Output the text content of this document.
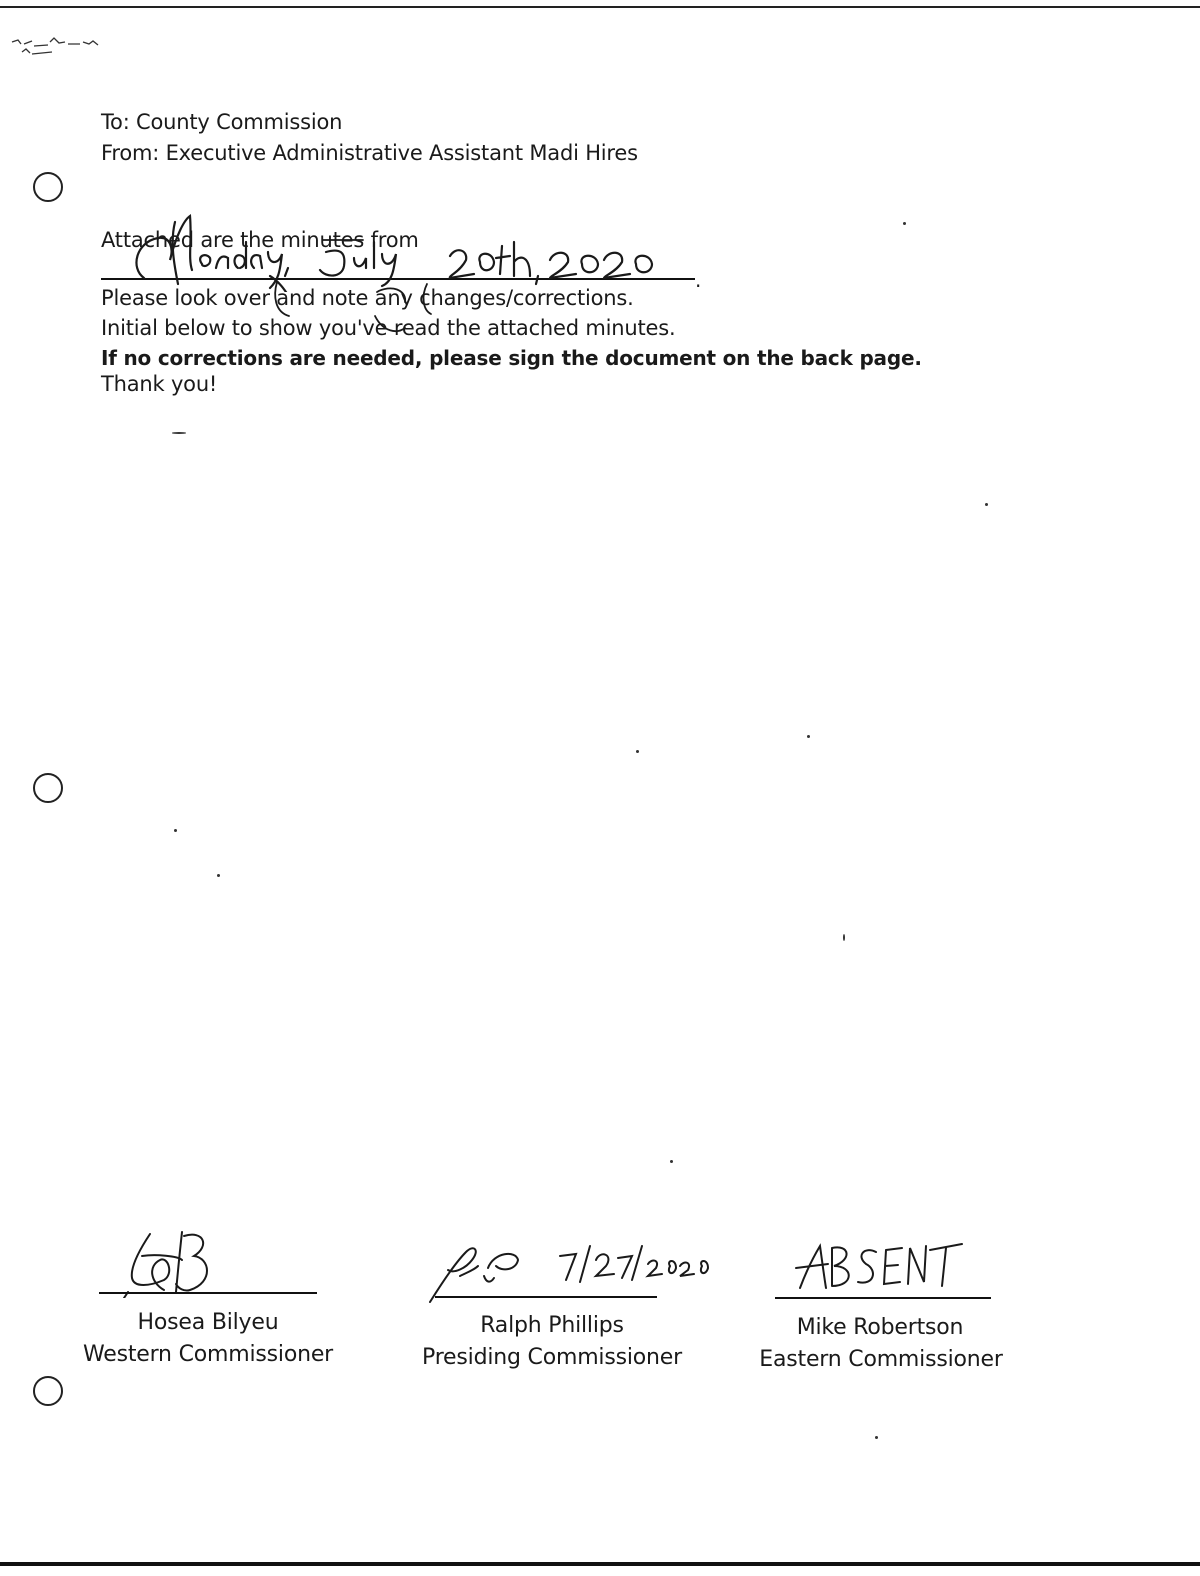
To: County Commission
From: Executive Administrative Assistant Madi Hires
Attached are the minutes from
.
Please look over and note any changes/corrections.
Initial below to show you've read the attached minutes.
If no corrections are needed, please sign the document on the back page.
Thank you!
Hosea Bilyeu
Western Commissioner
Ralph Phillips
Presiding Commissioner
Mike Robertson
Eastern Commissioner
